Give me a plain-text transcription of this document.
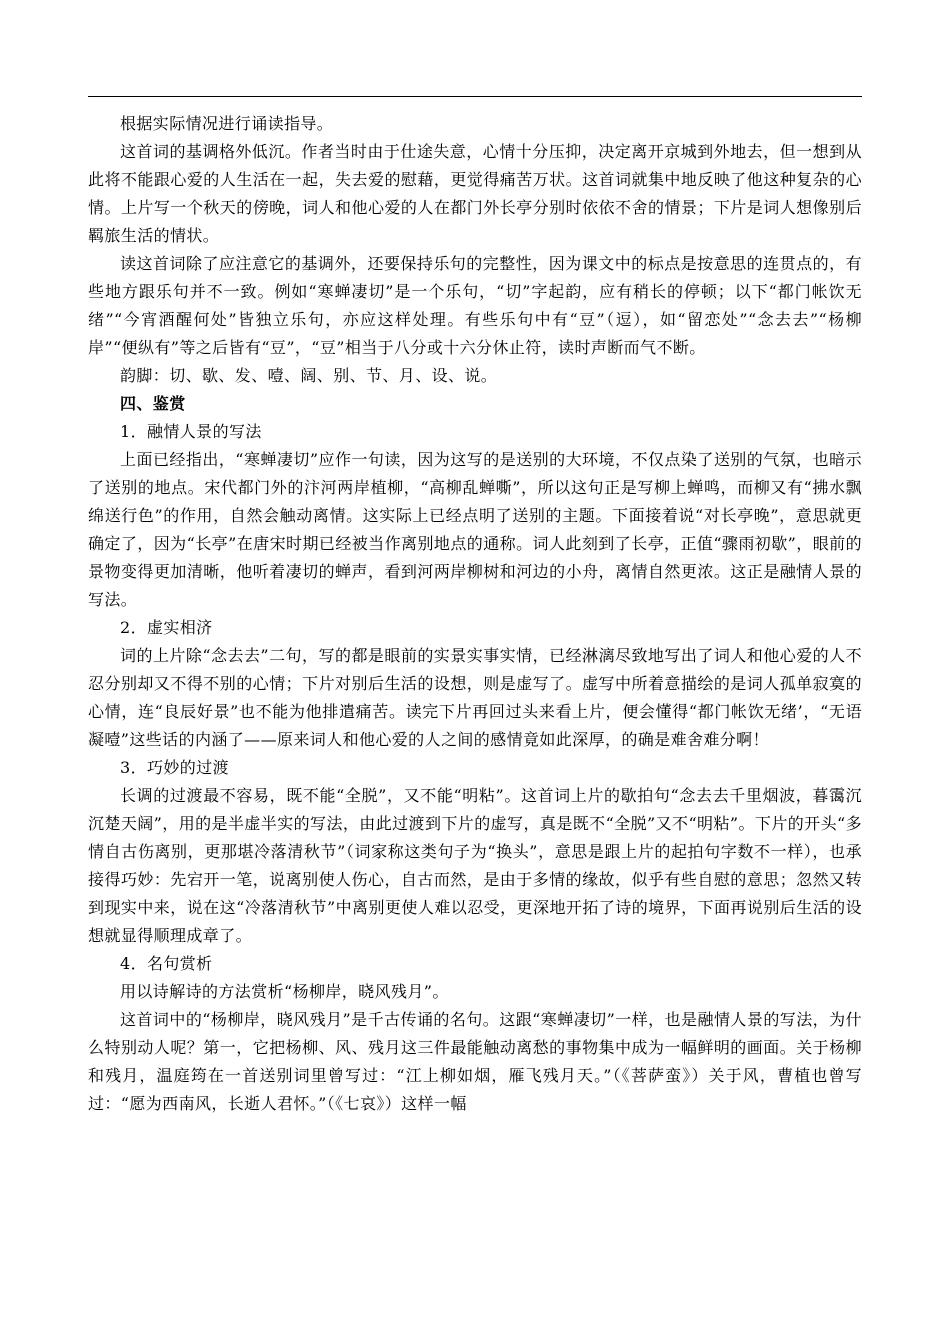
根据实际情况进行诵读指导。

这首词的基调格外低沉。作者当时由于仕途失意，心情十分压抑，决定离开京城到外地去，但一想到从此将不能跟心爱的人生活在一起，失去爱的慰藉，更觉得痛苦万状。这首词就集中地反映了他这种复杂的心情。上片写一个秋天的傍晚，词人和他心爱的人在都门外长亭分别时依依不舍的情景；下片是词人想像别后羁旅生活的情状。

读这首词除了应注意它的基调外，还要保持乐句的完整性，因为课文中的标点是按意思的连贯点的，有些地方跟乐句并不一致。例如“寒蝉凄切”是一个乐句，“切”字起韵，应有稍长的停顿；以下“都门帐饮无绪”“今宵酒醒何处”皆独立乐句，亦应这样处理。有些乐句中有“豆”（逗），如“留恋处”“念去去”“杨柳岸”“便纵有”等之后皆有“豆”，“豆”相当于八分或十六分休止符，读时声断而气不断。

韵脚：切、歇、发、噎、阔、别、节、月、设、说。

四、鉴赏

1．融情人景的写法

上面已经指出，“寒蝉凄切”应作一句读，因为这写的是送别的大环境，不仅点染了送别的气氛，也暗示了送别的地点。宋代都门外的汴河两岸植柳，“高柳乱蝉嘶”，所以这句正是写柳上蝉鸣，而柳又有“拂水飘绵送行色”的作用，自然会触动离情。这实际上已经点明了送别的主题。下面接着说“对长亭晚”，意思就更确定了，因为“长亭”在唐宋时期已经被当作离别地点的通称。词人此刻到了长亭，正值“骤雨初歇”，眼前的景物变得更加清晰，他听着凄切的蝉声，看到河两岸柳树和河边的小舟，离情自然更浓。这正是融情人景的写法。

2．虚实相济

词的上片除“念去去”二句，写的都是眼前的实景实事实情，已经淋漓尽致地写出了词人和他心爱的人不忍分别却又不得不别的心情；下片对别后生活的设想，则是虚写了。虚写中所着意描绘的是词人孤单寂寞的心情，连“良辰好景”也不能为他排遣痛苦。读完下片再回过头来看上片，便会懂得“都门帐饮无绪’，“无语凝噎”这些话的内涵了——原来词人和他心爱的人之间的感情竟如此深厚，的确是难舍难分啊！

3．巧妙的过渡

长调的过渡最不容易，既不能“全脱”，又不能“明粘”。这首词上片的歇拍句“念去去千里烟波，暮霭沉沉楚天阔”，用的是半虚半实的写法，由此过渡到下片的虚写，真是既不“全脱”又不“明粘”。下片的开头“多情自古伤离别，更那堪冷落清秋节”（词家称这类句子为“换头”，意思是跟上片的起拍句字数不一样），也承接得巧妙：先宕开一笔，说离别使人伤心，自古而然，是由于多情的缘故，似乎有些自慰的意思；忽然又转到现实中来，说在这“冷落清秋节”中离别更使人难以忍受，更深地开拓了诗的境界，下面再说别后生活的设想就显得顺理成章了。

4．名句赏析

用以诗解诗的方法赏析“杨柳岸，晓风残月”。

这首词中的“杨柳岸，晓风残月”是千古传诵的名句。这跟“寒蝉凄切”一样，也是融情人景的写法，为什么特别动人呢？第一，它把杨柳、风、残月这三件最能触动离愁的事物集中成为一幅鲜明的画面。关于杨柳和残月，温庭筠在一首送别词里曾写过：“江上柳如烟，雁飞残月天。”（《菩萨蛮》）关于风，曹植也曾写过：“愿为西南风，长逝人君怀。”（《七哀》）这样一幅
